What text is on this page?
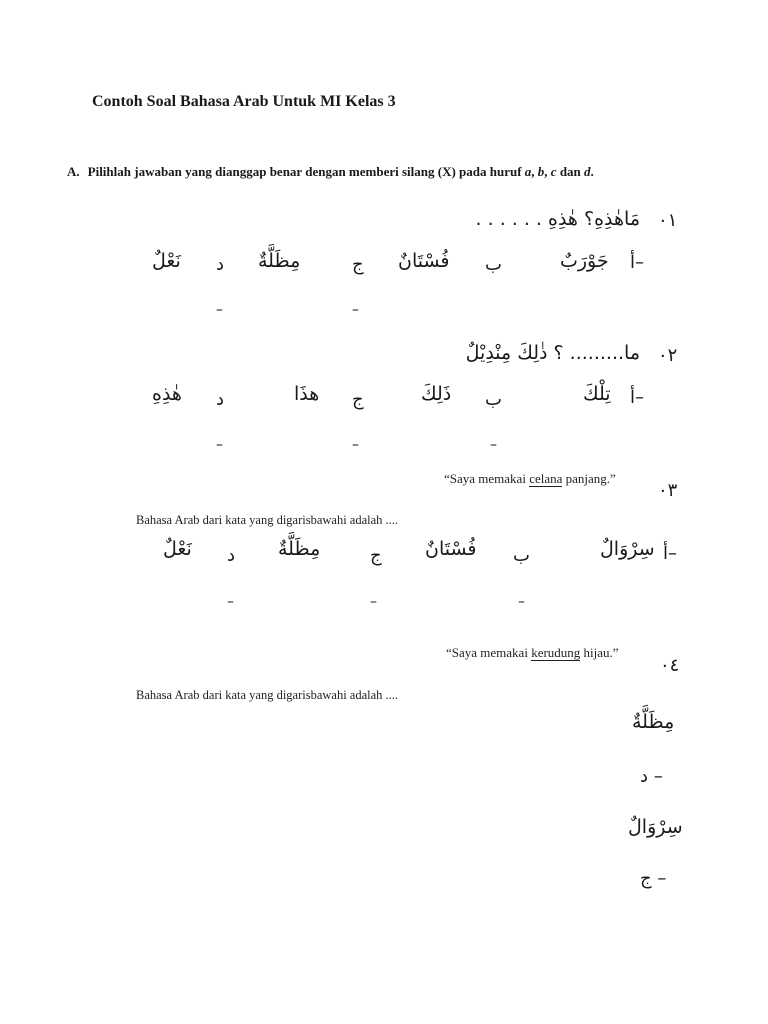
Contoh Soal Bahasa Arab Untuk MI Kelas 3
A. Pilihlah jawaban yang dianggap benar dengan memberi silang (X) pada huruf a, b, c dan d.
٠١
مَاهٰذِهِ؟ هٰذِهِ . . . . . .
أ–
جَوْرَبٌ
ب
فُسْتَانٌ
ج
مِظَلَّةٌ
د
نَعْلٌ
–	–
٠٢
ما......... ؟ ذٰلِكَ مِنْدِيْلٌ
أ–
تِلْكَ
ب
ذَلِكَ
ج
هذَا
د
هٰذِهِ
–	–	–
“Saya memakai celana panjang.”
٠٣
Bahasa Arab dari kata yang digarisbawahi adalah ....
أ–
سِرْوَالٌ
ب
فُسْتَانٌ
ج
مِظَلَّةٌ
د
نَعْلٌ
–	–	–
“Saya memakai kerudung hijau.”
٠٤
Bahasa Arab dari kata yang digarisbawahi adalah ....
مِظَلَّةٌ
د –
سِرْوَالٌ
ج –
